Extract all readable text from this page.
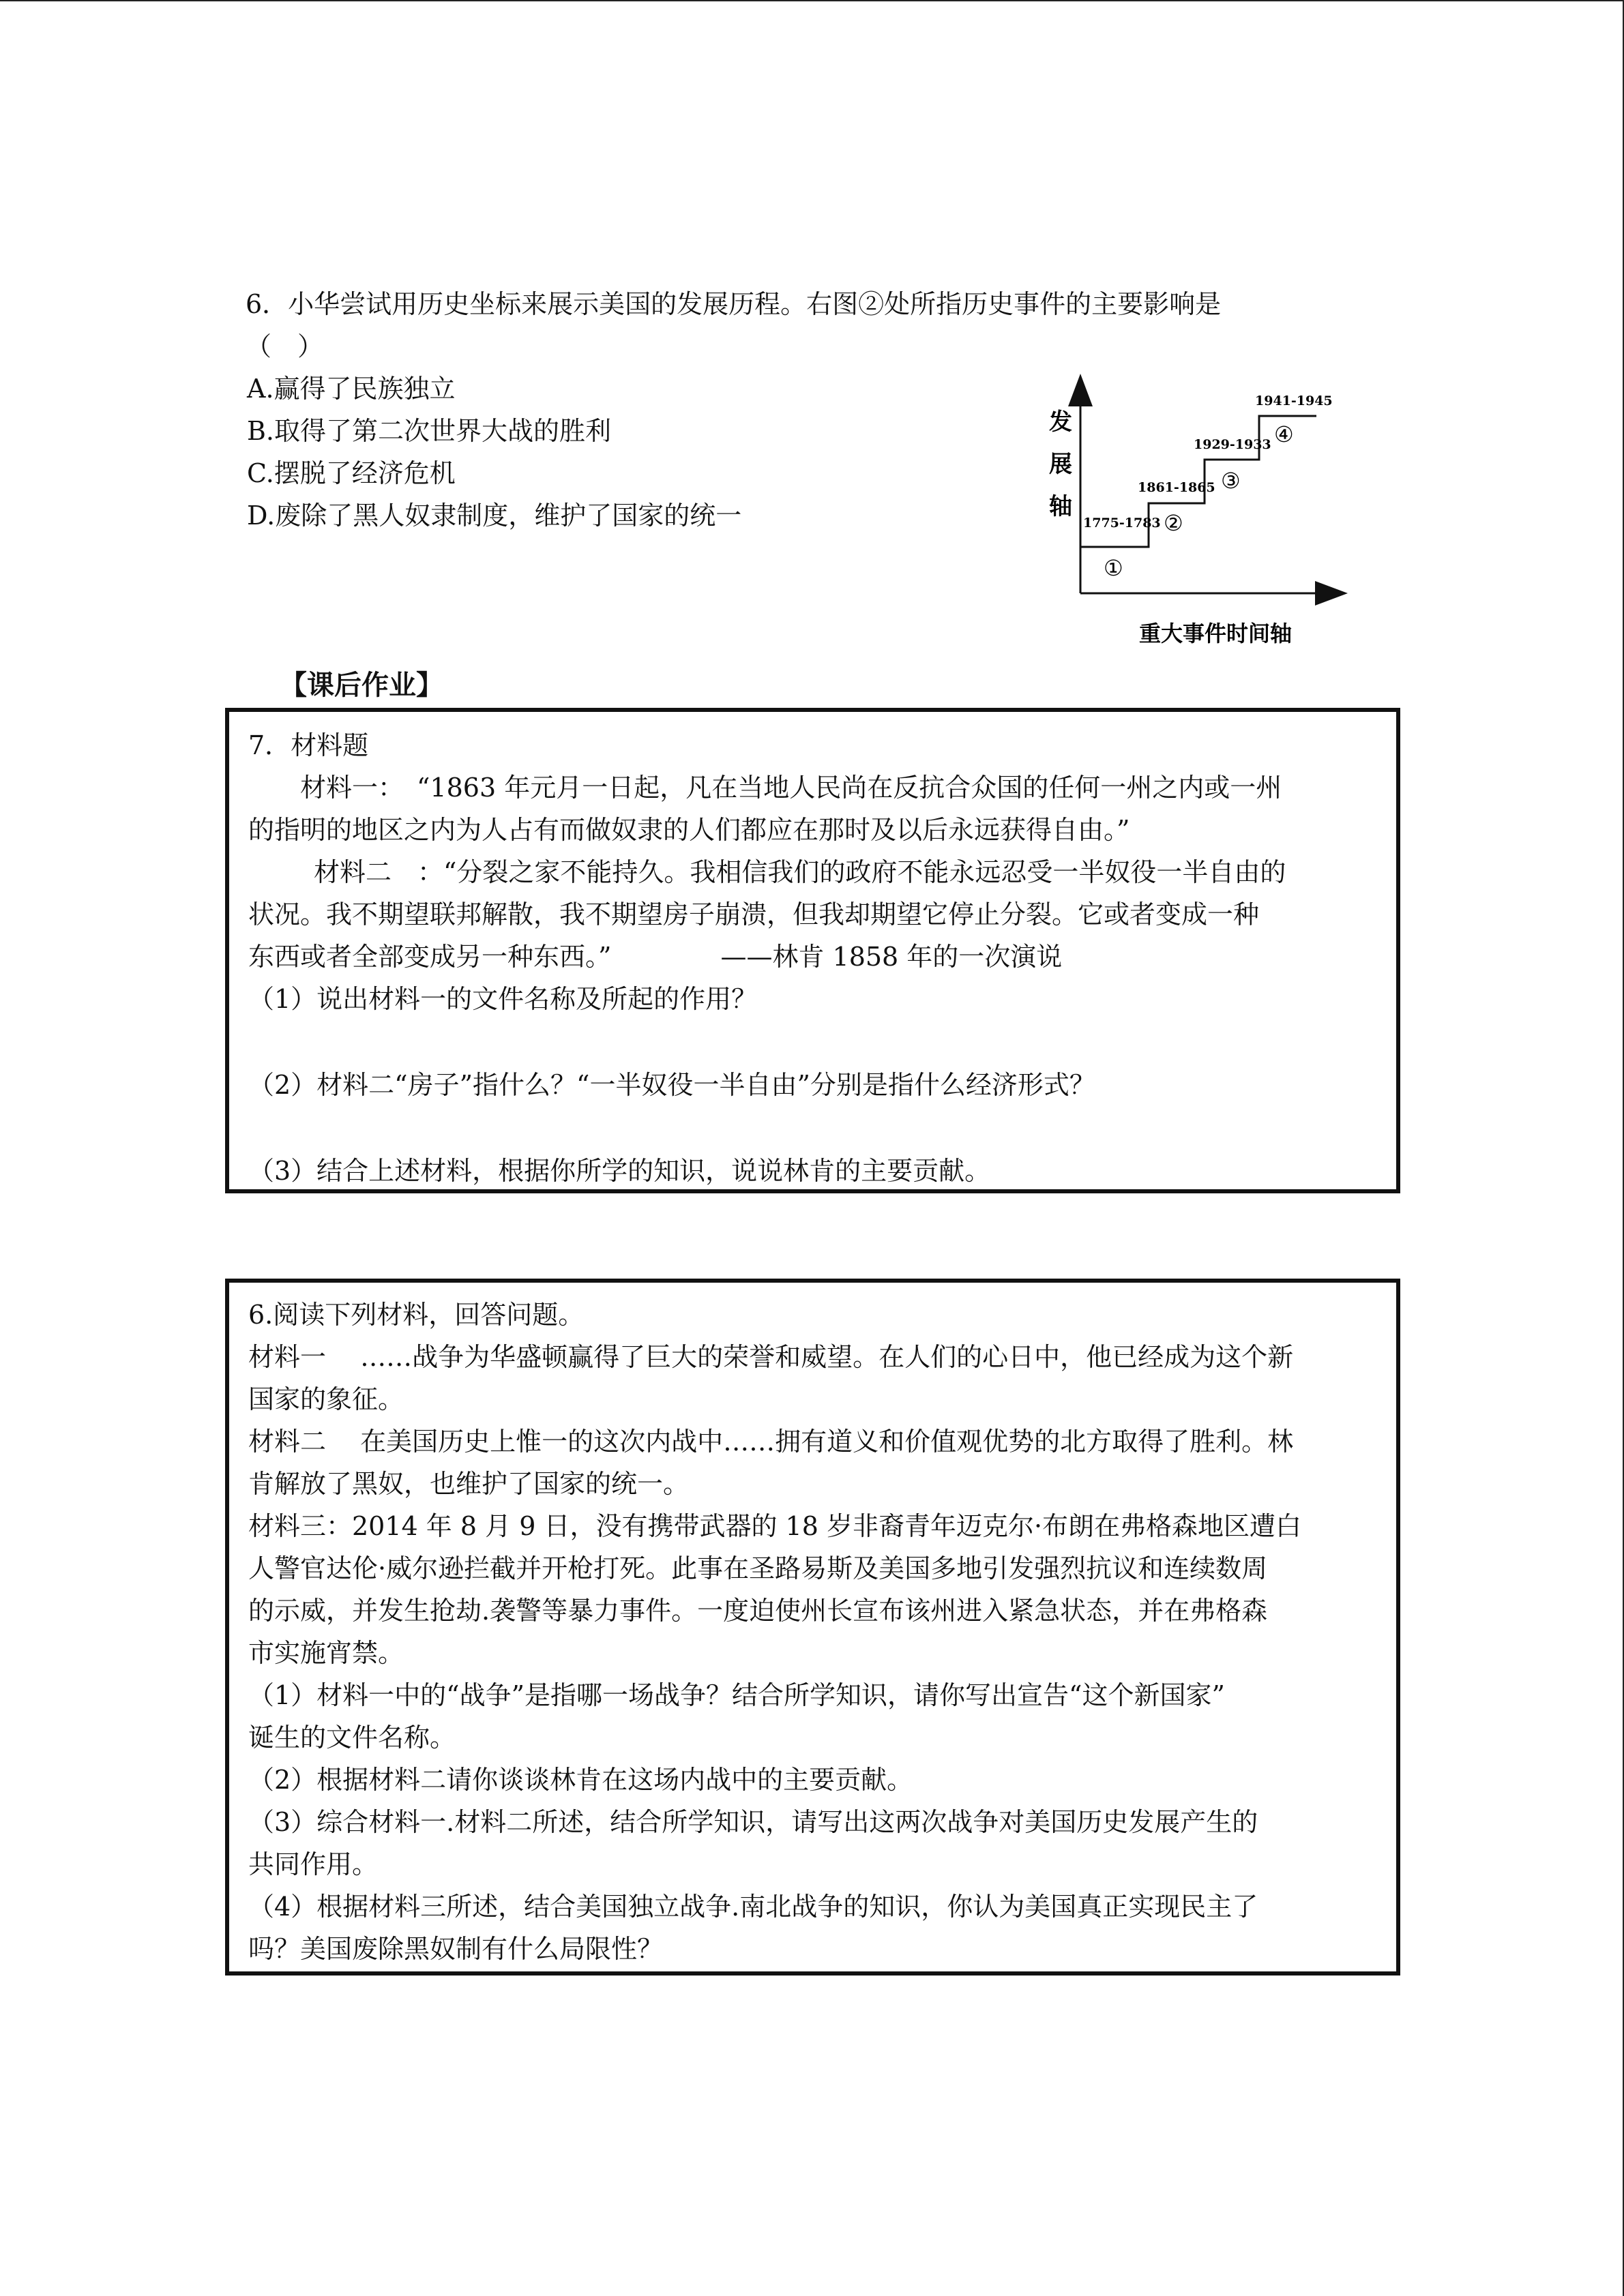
6．小华尝试用历史坐标来展示美国的发展历程。右图②处所指历史事件的主要影响是
（　）
A.赢得了民族独立
B.取得了第二次世界大战的胜利
C.摆脱了经济危机
D.废除了黑人奴隶制度，维护了国家的统一
发
展
轴
1775-1783
①
1861-1865
②
1929-1933
③
1941-1945
④
重大事件时间轴
【课后作业】

7．材料题

材料一：　“1863 年元月一日起，凡在当地人民尚在反抗合众国的任何一州之内或一州

的指明的地区之内为人占有而做奴隶的人们都应在那时及以后永远获得自由。”

材料二　：“分裂之家不能持久。我相信我们的政府不能永远忍受一半奴役一半自由的

状况。我不期望联邦解散，我不期望房子崩溃，但我却期望它停止分裂。它或者变成一种

东西或者全部变成另一种东西。”	——林肯 1858 年的一次演说

（1）说出材料一的文件名称及所起的作用？

（2）材料二“房子”指什么？“一半奴役一半自由”分别是指什么经济形式？

（3）结合上述材料，根据你所学的知识，说说林肯的主要贡献。

6.阅读下列材料，回答问题。

材料一　 ……战争为华盛顿赢得了巨大的荣誉和威望。在人们的心日中，他已经成为这个新

国家的象征。

材料二　 在美国历史上惟一的这次内战中……拥有道义和价值观优势的北方取得了胜利。林

肯解放了黑奴，也维护了国家的统一。

材料三：2014 年 8 月 9 日，没有携带武器的 18 岁非裔青年迈克尔·布朗在弗格森地区遭白

人警官达伦·威尔逊拦截并开枪打死。此事在圣路易斯及美国多地引发强烈抗议和连续数周

的示威，并发生抢劫.袭警等暴力事件。一度迫使州长宣布该州进入紧急状态，并在弗格森

市实施宵禁。

（1）材料一中的“战争”是指哪一场战争？结合所学知识，请你写出宣告“这个新国家”

诞生的文件名称。

（2）根据材料二请你谈谈林肯在这场内战中的主要贡献。

（3）综合材料一.材料二所述，结合所学知识，请写出这两次战争对美国历史发展产生的

共同作用。

（4）根据材料三所述，结合美国独立战争.南北战争的知识，你认为美国真正实现民主了

吗？美国废除黑奴制有什么局限性？
